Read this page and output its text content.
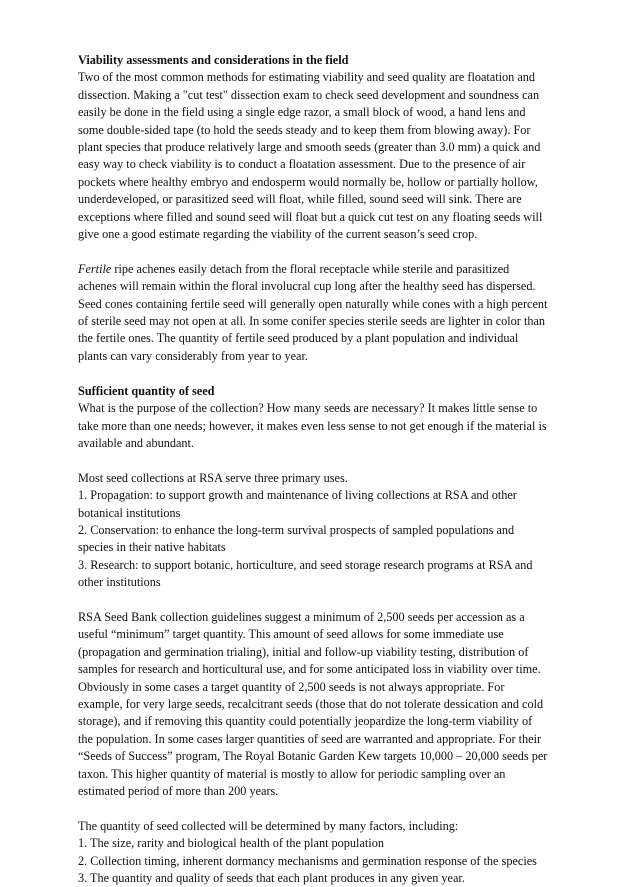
Viability assessments and considerations in the field

Two of the most common methods for estimating viability and seed quality are floatation and dissection. Making a "cut test" dissection exam to check seed development and soundness can easily be done in the field using a single edge razor, a small block of wood, a hand lens and some double-sided tape (to hold the seeds steady and to keep them from blowing away). For plant species that produce relatively large and smooth seeds (greater than 3.0 mm) a quick and easy way to check viability is to conduct a floatation assessment. Due to the presence of air pockets where healthy embryo and endosperm would normally be, hollow or partially hollow, underdeveloped, or parasitized seed will float, while filled, sound seed will sink. There are exceptions where filled and sound seed will float but a quick cut test on any floating seeds will give one a good estimate regarding the viability of the current season’s seed crop.

Fertile ripe achenes easily detach from the floral receptacle while sterile and parasitized achenes will remain within the floral involucral cup long after the healthy seed has dispersed. Seed cones containing fertile seed will generally open naturally while cones with a high percent of sterile seed may not open at all. In some conifer species sterile seeds are lighter in color than the fertile ones. The quantity of fertile seed produced by a plant population and individual plants can vary considerably from year to year.

Sufficient quantity of seed

What is the purpose of the collection? How many seeds are necessary? It makes little sense to take more than one needs; however, it makes even less sense to not get enough if the material is available and abundant.

Most seed collections at RSA serve three primary uses.

1. Propagation: to support growth and maintenance of living collections at RSA and other botanical institutions
2. Conservation: to enhance the long-term survival prospects of sampled populations and species in their native habitats
3. Research: to support botanic, horticulture, and seed storage research programs at RSA and other institutions

RSA Seed Bank collection guidelines suggest a minimum of 2,500 seeds per accession as a useful “minimum” target quantity. This amount of seed allows for some immediate use (propagation and germination trialing), initial and follow-up viability testing, distribution of samples for research and horticultural use, and for some anticipated loss in viability over time. Obviously in some cases a target quantity of 2,500 seeds is not always appropriate. For example, for very large seeds, recalcitrant seeds (those that do not tolerate dessication and cold storage), and if removing this quantity could potentially jeopardize the long-term viability of the population. In some cases larger quantities of seed are warranted and appropriate. For their “Seeds of Success” program, The Royal Botanic Garden Kew targets 10,000 – 20,000 seeds per taxon. This higher quantity of material is mostly to allow for periodic sampling over an estimated period of more than 200 years.

The quantity of seed collected will be determined by many factors, including:

1. The size, rarity and biological health of the plant population
2. Collection timing, inherent dormancy mechanisms and germination response of the species
3. The quantity and quality of seeds that each plant produces in any given year.
